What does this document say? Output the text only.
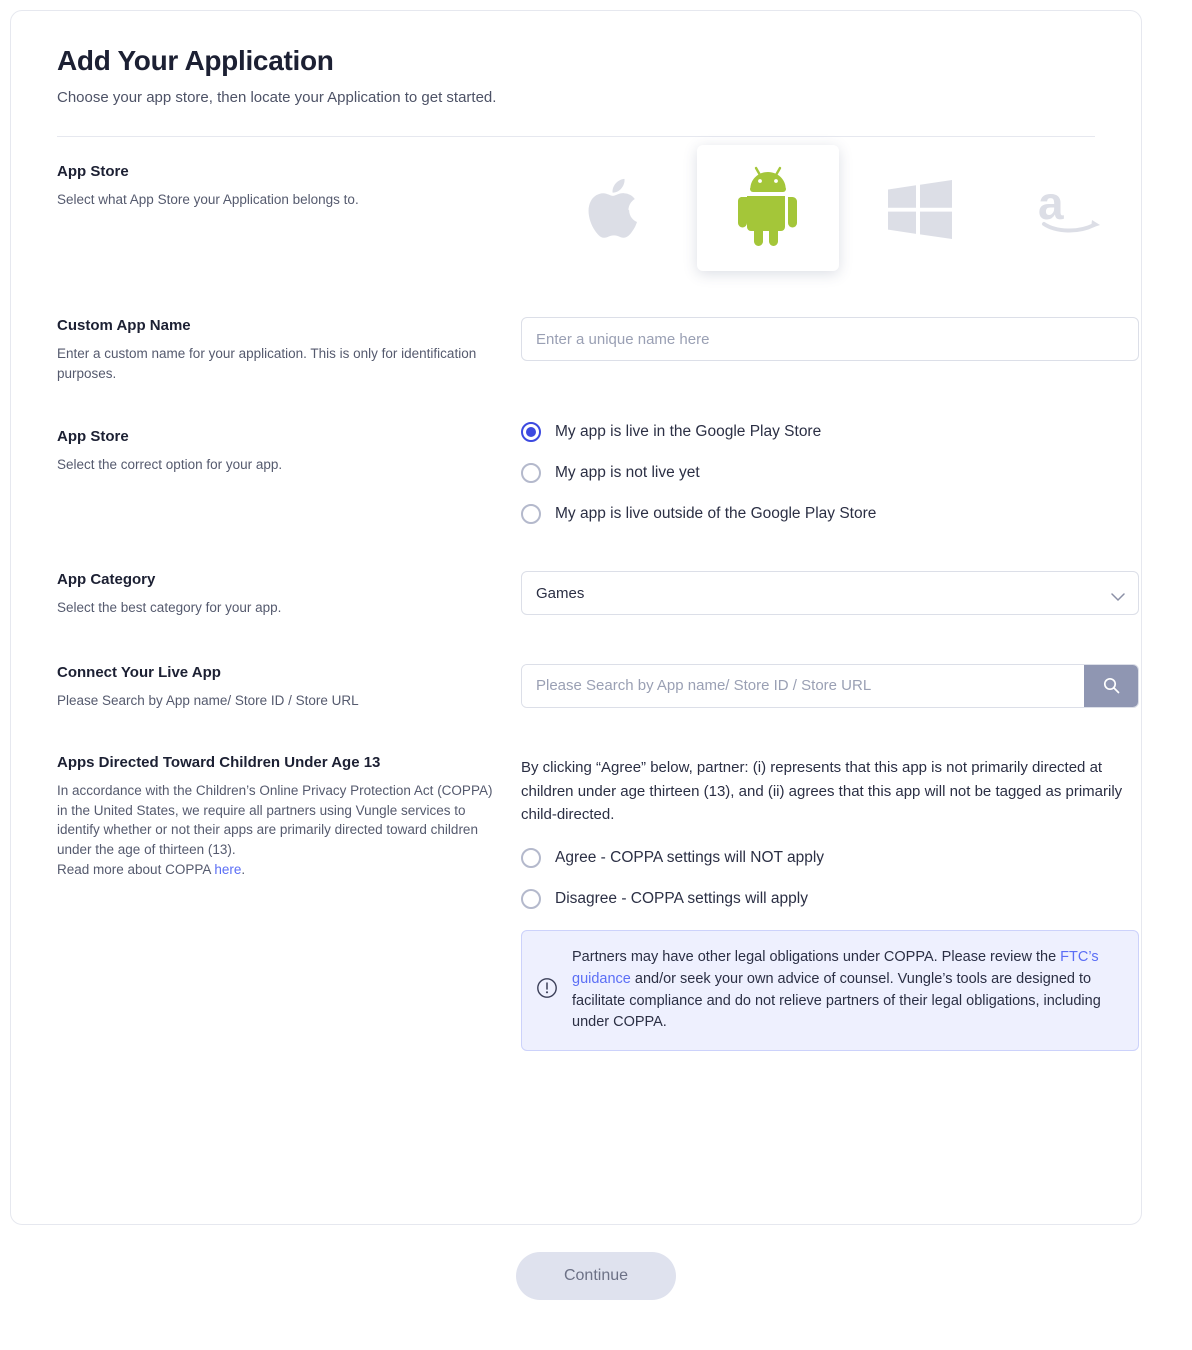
Add Your Application

Choose your app store, then locate your Application to get started.

App Store

Select what App Store your Application belongs to.	a

Custom App Name

Enter a custom name for your application. This is only for identification purposes.

Enter a unique name here

App Store

Select the correct option for your app.

My app is live in the Google Play Store
My app is not live yet
My app is live outside of the Google Play Store

App Category

Select the best category for your app.

Games

Connect Your Live App

Please Search by App name/ Store ID / Store URL

Please Search by App name/ Store ID / Store URL

Apps Directed Toward Children Under Age 13

In accordance with the Children’s Online Privacy Protection Act (COPPA) in the United States, we require all partners using Vungle services to identify whether or not their apps are primarily directed toward children under the age of thirteen (13).

Read more about COPPA here.

By clicking “Agree” below, partner: (i) represents that this app is not primarily directed at children under age thirteen (13), and (ii) agrees that this app will not be tagged as primarily child-directed.

Agree - COPPA settings will NOT apply
Disagree - COPPA settings will apply
Partners may have other legal obligations under COPPA. Please review the FTC’s guidance and/or seek your own advice of counsel. Vungle’s tools are designed to facilitate compliance and do not relieve partners of their legal obligations, including under COPPA.
Continue
